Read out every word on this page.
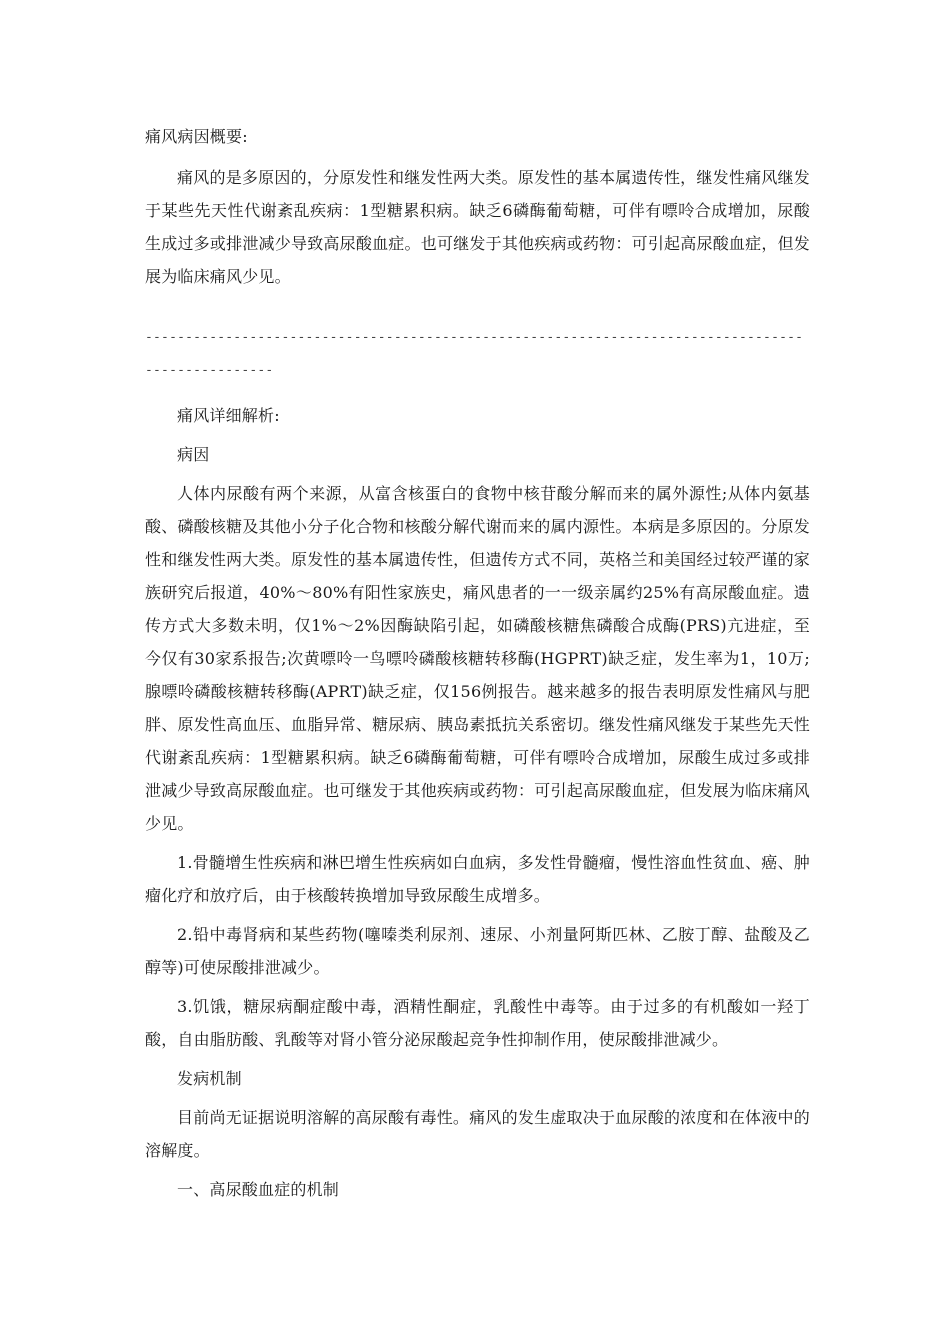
痛风病因概要:

痛风的是多原因的，分原发性和继发性两大类。原发性的基本属遗传性，继发性痛风继发于某些先天性代谢紊乱疾病：1型糖累积病。缺乏6磷酶葡萄糖，可伴有嘌呤合成增加，尿酸生成过多或排泄减少导致高尿酸血症。也可继发于其他疾病或药物：可引起高尿酸血症，但发展为临床痛风少见。

--------------------------------------------------------------------------------------------------

痛风详细解析:

病因

人体内尿酸有两个来源，从富含核蛋白的食物中核苷酸分解而来的属外源性;从体内氨基酸、磷酸核糖及其他小分子化合物和核酸分解代谢而来的属内源性。本病是多原因的。分原发性和继发性两大类。原发性的基本属遗传性，但遗传方式不同，英格兰和美国经过较严谨的家族研究后报道，40%～80%有阳性家族史，痛风患者的一一级亲属约25%有高尿酸血症。遗传方式大多数未明，仅1%～2%因酶缺陷引起，如磷酸核糖焦磷酸合成酶(PRS)亢进症，至今仅有30家系报告;次黄嘌呤一鸟嘌呤磷酸核糖转移酶(HGPRT)缺乏症，发生率为1，10万;腺嘌呤磷酸核糖转移酶(APRT)缺乏症，仅156例报告。越来越多的报告表明原发性痛风与肥胖、原发性高血压、血脂异常、糖尿病、胰岛素抵抗关系密切。继发性痛风继发于某些先天性代谢紊乱疾病：1型糖累积病。缺乏6磷酶葡萄糖，可伴有嘌呤合成增加，尿酸生成过多或排泄减少导致高尿酸血症。也可继发于其他疾病或药物：可引起高尿酸血症，但发展为临床痛风少见。

1.骨髓增生性疾病和淋巴增生性疾病如白血病，多发性骨髓瘤，慢性溶血性贫血、癌、肿瘤化疗和放疗后，由于核酸转换增加导致尿酸生成增多。

2.铅中毒肾病和某些药物(噻嗪类利尿剂、速尿、小剂量阿斯匹林、乙胺丁醇、盐酸及乙醇等)可使尿酸排泄减少。

3.饥饿，糖尿病酮症酸中毒，酒精性酮症，乳酸性中毒等。由于过多的有机酸如一羟丁酸，自由脂肪酸、乳酸等对肾小管分泌尿酸起竞争性抑制作用，使尿酸排泄减少。

发病机制

目前尚无证据说明溶解的高尿酸有毒性。痛风的发生虚取决于血尿酸的浓度和在体液中的溶解度。

一、高尿酸血症的机制
